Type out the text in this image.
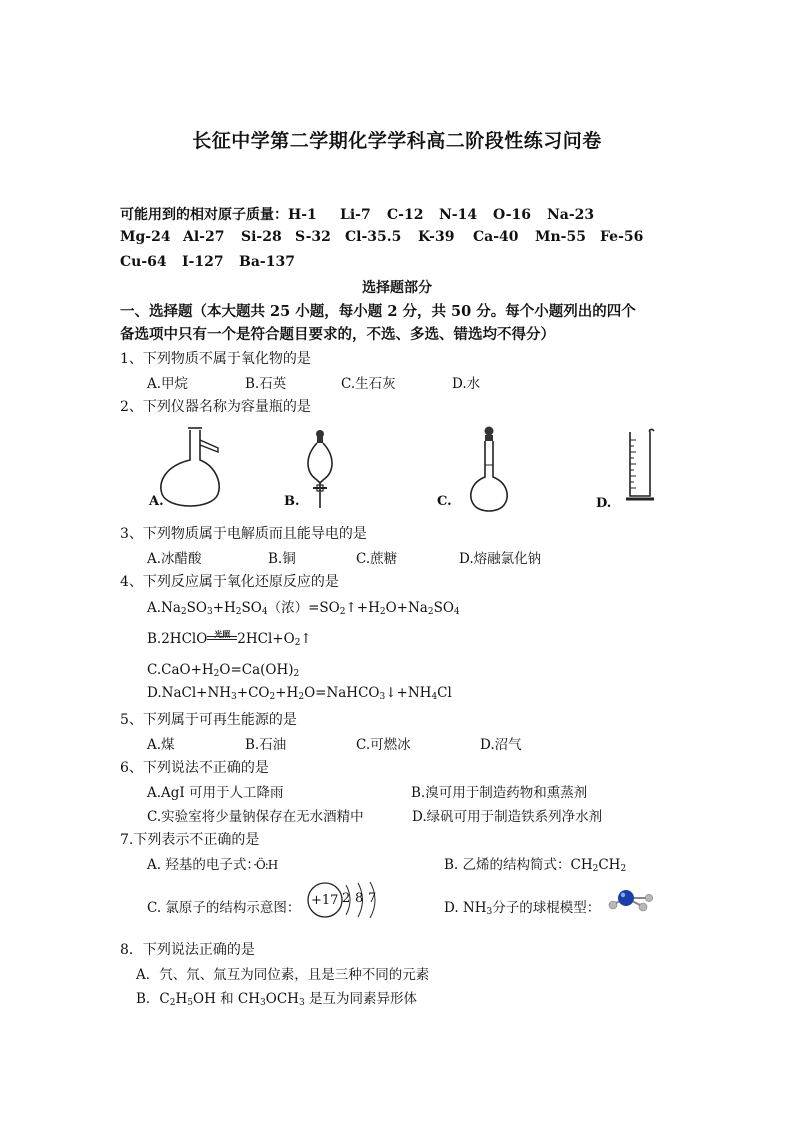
长征中学第二学期化学学科高二阶段性练习问卷
可能用到的相对原子质量：H-1 Li-7 C-12 N-14 O-16 Na-23
Mg-24 Al-27 Si-28 S-32 Cl-35.5 K-39 Ca-40 Mn-55 Fe-56
Cu-64 I-127 Ba-137
选择题部分
一、选择题（本大题共 25 小题，每小题 2 分，共 50 分。每个小题列出的四个
备选项中只有一个是符合题目要求的，不选、多选、错选均不得分）
1、下列物质不属于氧化物的是
A.甲烷	B.石英	C.生石灰	D.水
2、下列仪器名称为容量瓶的是
A.	B.	C.	D.
3、下列物质属于电解质而且能导电的是
A.冰醋酸	B.铜	C.蔗糖	D.熔融氯化钠
4、下列反应属于氧化还原反应的是
$A.Na_2SO_3+H_2SO_4$（浓）$=SO_2↑+H_2O+Na_2SO_4$
B.2HClO 光照 $2HCl+O_2↑$
$C.CaO+H_2O=Ca(OH)_2$
$D.NaCl+NH_3+CO_2+H_2O=NaHCO_3↓+NH_4Cl$
5、下列属于可再生能源的是
A.煤	B.石油	C.可燃冰	D.沼气
6、下列说法不正确的是
A.AgI 可用于人工降雨	B.溴可用于制造药物和熏蒸剂
C.实验室将少量钠保存在无水酒精中	D.绿矾可用于制造铁系列净水剂
7.下列表示不正确的是
A. 羟基的电子式：·Ö:H	B. 乙烯的结构简式：$CH_2CH_2$
C. 氯原子的结构示意图： +17 2 8 7
D. $NH_3$分子的球棍模型：
8．下列说法正确的是
A．氕、氘、氚互为同位素，且是三种不同的元素
B．$C_2H_5OH$ 和 $CH_3OCH_3$ 是互为同素异形体
